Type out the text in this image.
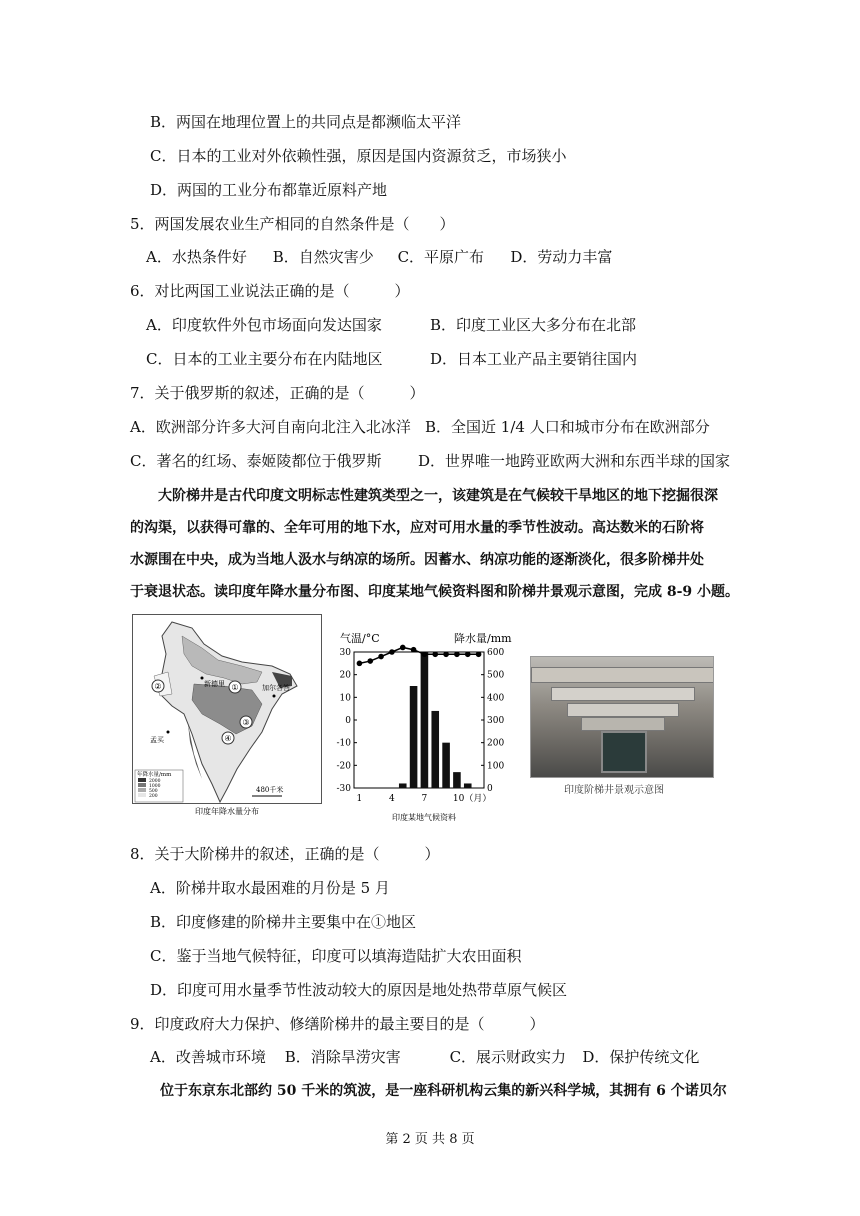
B．两国在地理位置上的共同点是都濒临太平洋
C．日本的工业对外依赖性强，原因是国内资源贫乏，市场狭小
D．两国的工业分布都靠近原料产地
5．两国发展农业生产相同的自然条件是（　　）
A．水热条件好 B．自然灾害少 C．平原广布 D．劳动力丰富
6．对比两国工业说法正确的是（　　　）
A．印度软件外包市场面向发达国家	B．印度工业区大多分布在北部
C．日本的工业主要分布在内陆地区	D．日本工业产品主要销往国内
7．关于俄罗斯的叙述，正确的是（　　　）
A．欧洲部分许多大河自南向北注入北冰洋 B．全国近 1/4 人口和城市分布在欧洲部分
C．著名的红场、泰姬陵都位于俄罗斯 D．世界唯一地跨亚欧两大洲和东西半球的国家
大阶梯井是古代印度文明标志性建筑类型之一，该建筑是在气候较干旱地区的地下挖掘很深
的沟渠，以获得可靠的、全年可用的地下水，应对可用水量的季节性波动。高达数米的石阶将
水源围在中央，成为当地人汲水与纳凉的场所。因蓄水、纳凉功能的逐渐淡化，很多阶梯井处
于衰退状态。读印度年降水量分布图、印度某地气候资料图和阶梯井景观示意图，完成 8-9 小题。
①
②
③
④
新德里
孟买
加尔各答
年降水量/mm
2000
1000
500
200
480千米
印度年降水量分布
气温/°C	降水量/mm
30
20
10
0
-10
-20
-30
600
500
400
300
200
100
0
1	4	7	10（月）
印度某地气候资料
印度阶梯井景观示意图
8．关于大阶梯井的叙述，正确的是（　　　）
A．阶梯井取水最困难的月份是 5 月
B．印度修建的阶梯井主要集中在①地区
C．鉴于当地气候特征，印度可以填海造陆扩大农田面积
D．印度可用水量季节性波动较大的原因是地处热带草原气候区
9．印度政府大力保护、修缮阶梯井的最主要目的是（　　　）
A．改善城市环境 B．消除旱涝灾害	C．展示财政实力 D．保护传统文化
位于东京东北部约 50 千米的筑波，是一座科研机构云集的新兴科学城，其拥有 6 个诺贝尔
第 2 页 共 8 页
